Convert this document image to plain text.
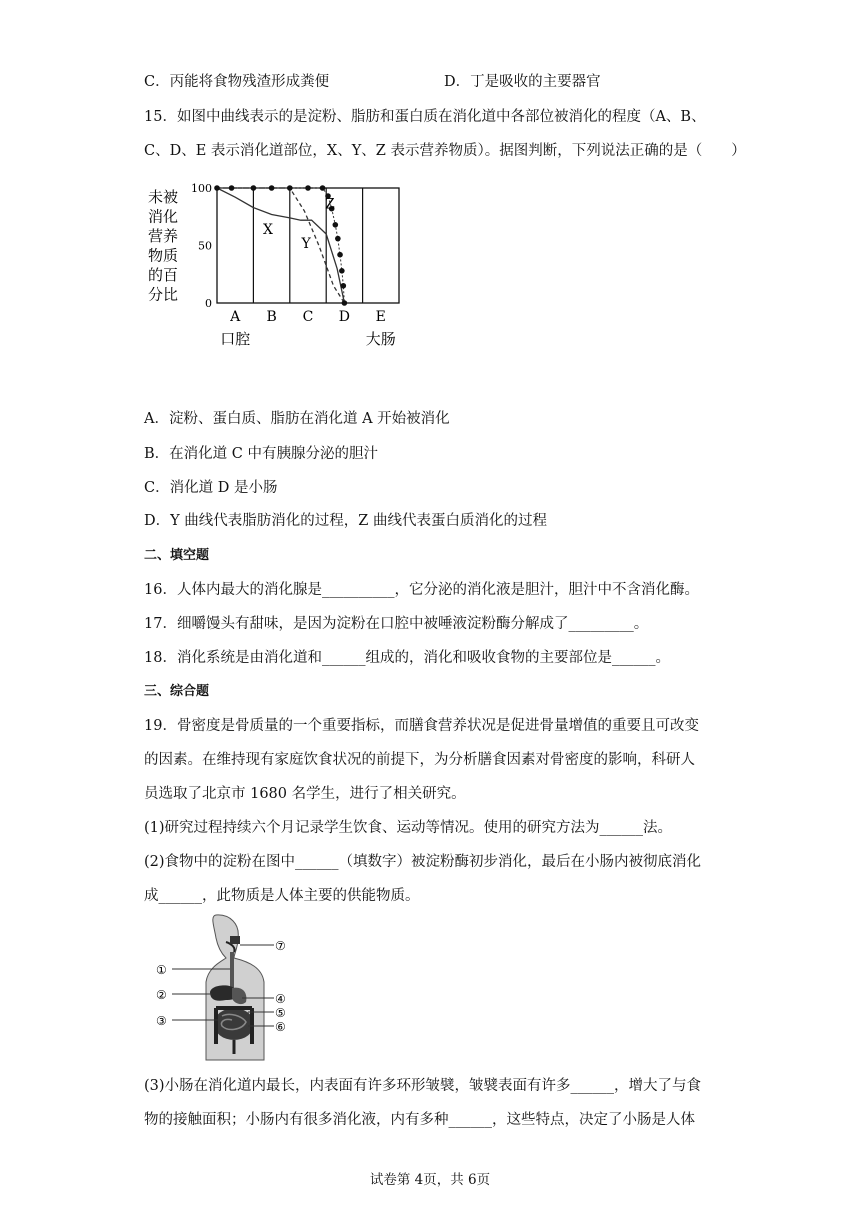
C．丙能将食物残渣形成粪便	D．丁是吸收的主要器官
15．如图中曲线表示的是淀粉、脂肪和蛋白质在消化道中各部位被消化的程度（A、B、
C、D、E 表示消化道部位，X、Y、Z 表示营养物质）。据图判断，下列说法正确的是（　　）
未被
消化
营养
物质
的百
分比
100
50
0
X
Y
Z
A
口腔
B C D E
大肠
A．淀粉、蛋白质、脂肪在消化道 A 开始被消化
B．在消化道 C 中有胰腺分泌的胆汁
C．消化道 D 是小肠
D．Y 曲线代表脂肪消化的过程，Z 曲线代表蛋白质消化的过程
二、填空题
16．人体内最大的消化腺是__________，它分泌的消化液是胆汁，胆汁中不含消化酶。
17．细嚼馒头有甜味，是因为淀粉在口腔中被唾液淀粉酶分解成了_________。
18．消化系统是由消化道和______组成的，消化和吸收食物的主要部位是______。
三、综合题
19．骨密度是骨质量的一个重要指标，而膳食营养状况是促进骨量增值的重要且可改变
的因素。在维持现有家庭饮食状况的前提下，为分析膳食因素对骨密度的影响，科研人
员选取了北京市 1680 名学生，进行了相关研究。
(1)研究过程持续六个月记录学生饮食、运动等情况。使用的研究方法为______法。
(2)食物中的淀粉在图中______（填数字）被淀粉酶初步消化，最后在小肠内被彻底消化
成______，此物质是人体主要的供能物质。
⑦
①
②
③
④
⑤
⑥
(3)小肠在消化道内最长，内表面有许多环形皱襞，皱襞表面有许多______，增大了与食
物的接触面积；小肠内有很多消化液，内有多种______，这些特点，决定了小肠是人体
试卷第 4页，共 6页
